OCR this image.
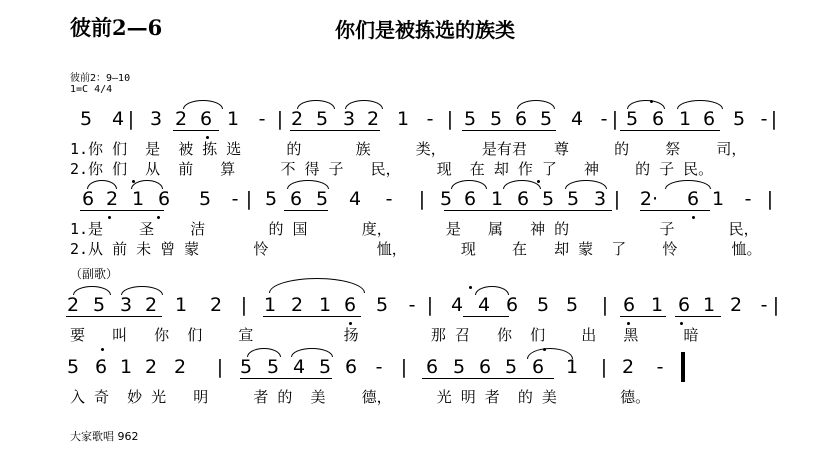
彼前2—6	你们是被拣选的族类
彼前2：9—10
1=C 4/4
5 4 | 3 2 6 1 - | 2 5 3 2 1 - | 5 5 6 5 4 - | 5 6 1 6 5 - |
1.你 们  是  被 拣 选     的      族     类，    是有君   尊     的    祭    司，
2.你 们  从  前   算     不 得 子   民，    现  在 却 作 了   神    的 子 民。
6 2 1 6 5 - | 5 6 5 4 - | 5 6 1 6 5 5 3 | 2· 6 1 - |
1.是    圣    洁       的 国      度，      是   属   神 的          子      民，
2.从 前 未 曾 蒙      怜            恤，      现    在   却 蒙  了    怜      恤。
（副歌）
2 5 3 2 1 2 | 1 2 1 6 5 - | 4 4 6 5 5 | 6 1 6 1 2 - |
要   叫   你  们    宣          扬        那 召   你  们    出   黑     暗
5 6 1 2 2 | 5 5 4 5 6 - | 6 5 6 5 6 1 | 2 -
入 奇  妙 光   明     者 的  美    德，     光 明 者  的 美       德。
大家歌唱 962
